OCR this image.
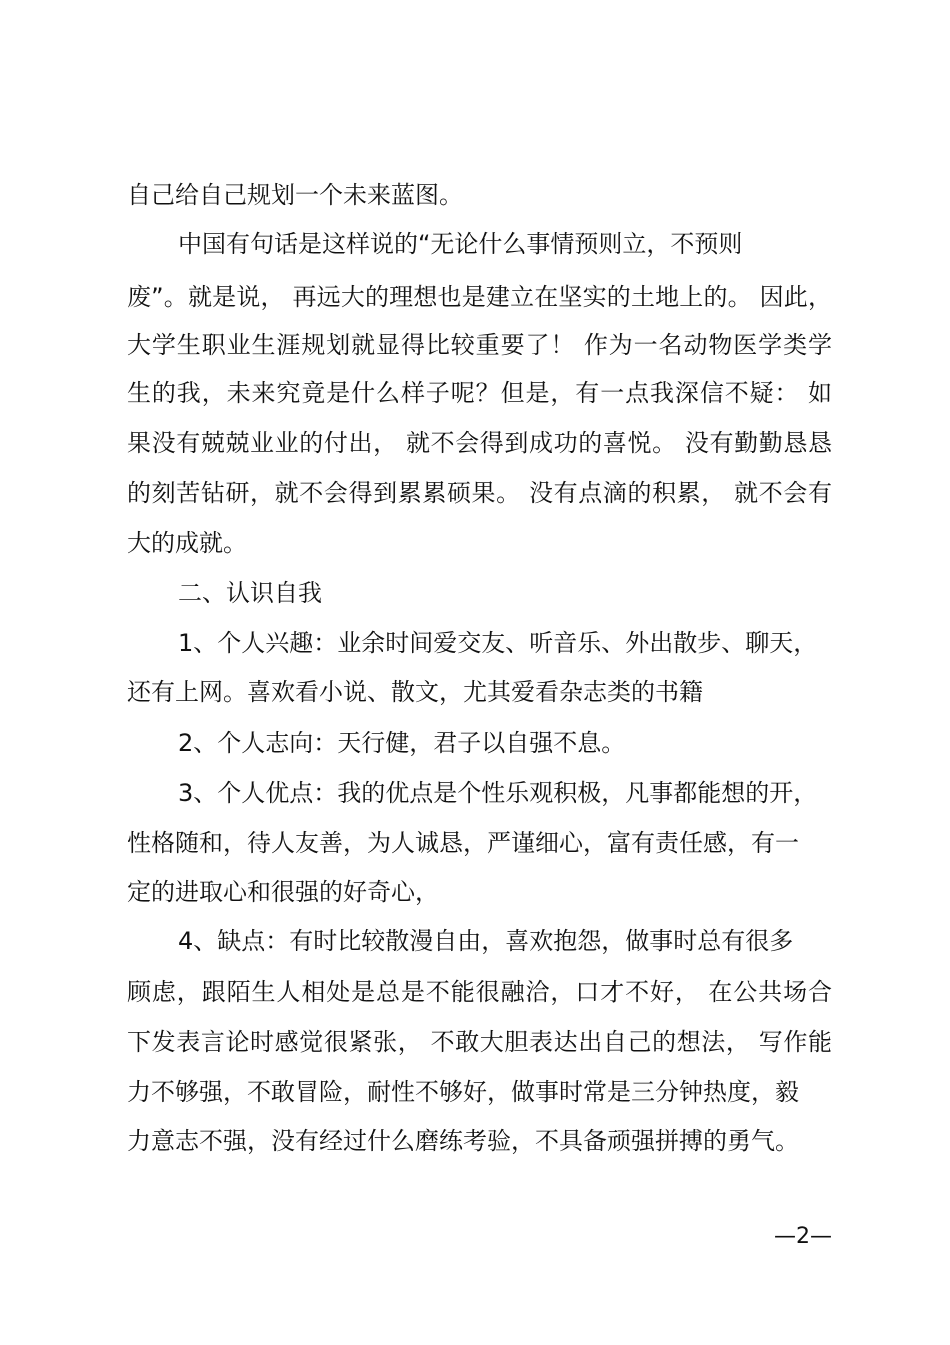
自己给自己规划一个未来蓝图。
中国有句话是这样说的“无论什么事情预则立，不预则
废”。就是说， 再远大的理想也是建立在坚实的土地上的。 因此，
大学生职业生涯规划就显得比较重要了！ 作为一名动物医学类学
生的我，未来究竟是什么样子呢？但是，有一点我深信不疑： 如
果没有兢兢业业的付出， 就不会得到成功的喜悦。 没有勤勤恳恳
的刻苦钻研，就不会得到累累硕果。 没有点滴的积累， 就不会有
大的成就。
二、认识自我
1、个人兴趣：业余时间爱交友、听音乐、外出散步、聊天，
还有上网。喜欢看小说、散文，尤其爱看杂志类的书籍
2、个人志向：天行健，君子以自强不息。
3、个人优点：我的优点是个性乐观积极，凡事都能想的开，
性格随和，待人友善，为人诚恳，严谨细心，富有责任感，有一
定的进取心和很强的好奇心，
4、缺点：有时比较散漫自由，喜欢抱怨，做事时总有很多
顾虑，跟陌生人相处是总是不能很融洽，口才不好， 在公共场合
下发表言论时感觉很紧张， 不敢大胆表达出自己的想法， 写作能
力不够强，不敢冒险，耐性不够好，做事时常是三分钟热度，毅
力意志不强，没有经过什么磨练考验，不具备顽强拼搏的勇气。
—2—
